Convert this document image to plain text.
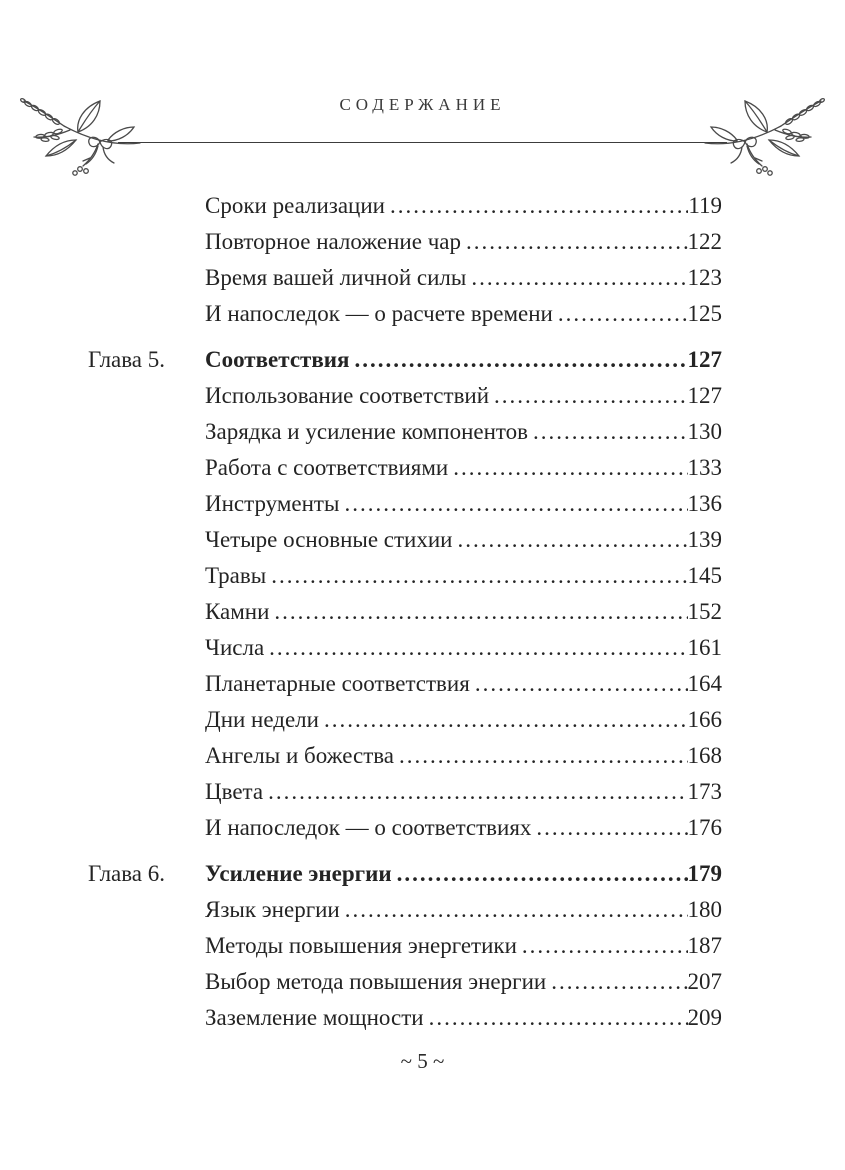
СОДЕРЖАНИЕ
Сроки реализации .....	119
Повторное наложение чар .....	122
Время вашей личной силы .....	123
И напоследок — о расчете времени .....	125
Глава 5.	Соответствия .....	127
Использование соответствий .....	127
Зарядка и усиление компонентов .....	130
Работа с соответствиями .....	133
Инструменты .....	136
Четыре основные стихии .....	139
Травы .....	145
Камни .....	152
Числа .....	161
Планетарные соответствия .....	164
Дни недели .....	166
Ангелы и божества .....	168
Цвета .....	173
И напоследок — о соответствиях .....	176
Глава 6.	Усиление энергии .....	179
Язык энергии .....	180
Методы повышения энергетики .....	187
Выбор метода повышения энергии .....	207
Заземление мощности .....	209
~ 5 ~
